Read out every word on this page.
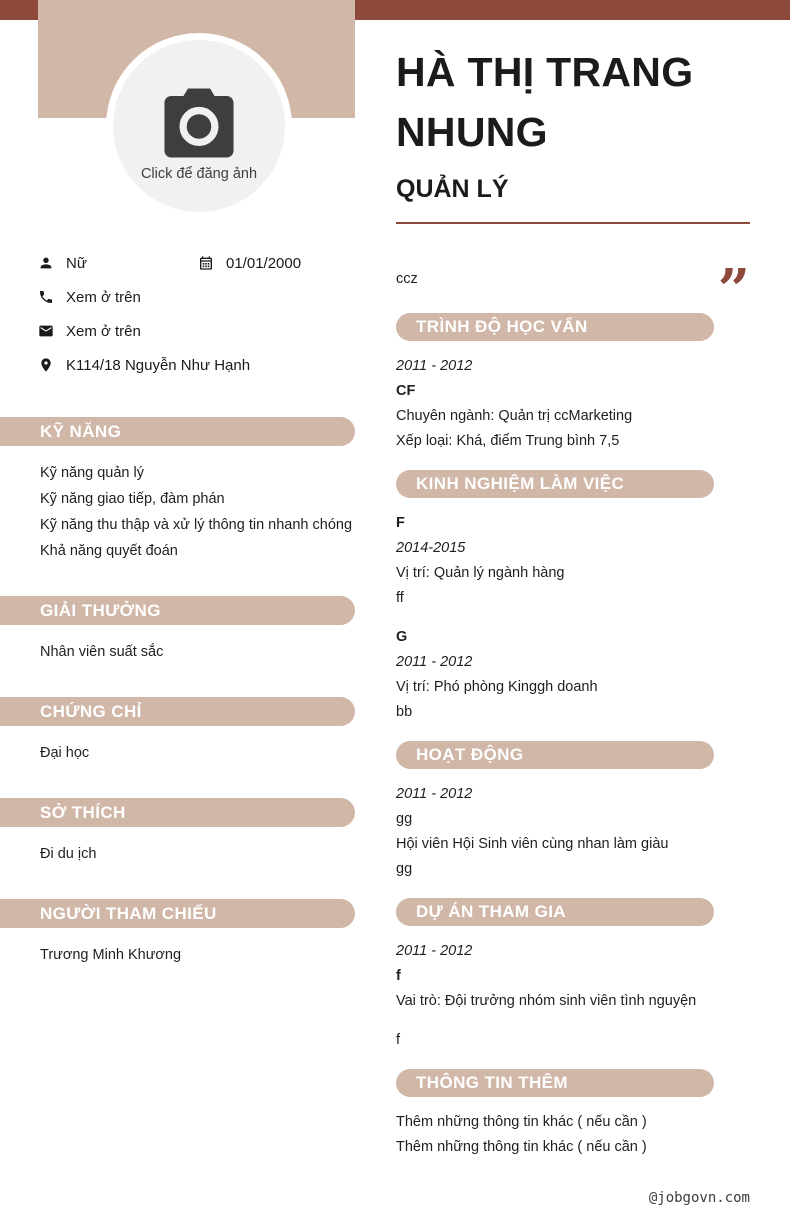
Click để đăng ảnh
Nữ	01/01/2000
Xem ở trên
Xem ở trên
K114/18 Nguyễn Như Hạnh
KỸ NĂNG
Kỹ năng quản lý
Kỹ năng giao tiếp, đàm phán
Kỹ năng thu thập và xử lý thông tin nhanh chóng
Khả năng quyết đoán
GIẢI THƯỞNG
Nhân viên suất sắc
CHỨNG CHỈ
Đại học
SỞ THÍCH
Đi du ịch
NGƯỜI THAM CHIẾU
Trương Minh Khương
HÀ THỊ TRANG NHUNG
QUẢN LÝ
ccz	”
TRÌNH ĐỘ HỌC VẤN
2011 - 2012
CF
Chuyên ngành: Quản trị ccMarketing
Xếp loại: Khá, điểm Trung bình 7,5
KINH NGHIỆM LÀM VIỆC
F
2014-2015
Vị trí: Quản lý ngành hàng
ff
G
2011 - 2012
Vị trí: Phó phòng Kinggh doanh
bb
HOẠT ĐỘNG
2011 - 2012
gg
Hội viên Hội Sinh viên cùng nhan làm giàu
gg
DỰ ÁN THAM GIA
2011 - 2012
f
Vai trò: Đội trưởng nhóm sinh viên tình nguyện
f
THÔNG TIN THÊM
Thêm những thông tin khác ( nếu cần )
Thêm những thông tin khác ( nếu cần )
@jobgovn.com
